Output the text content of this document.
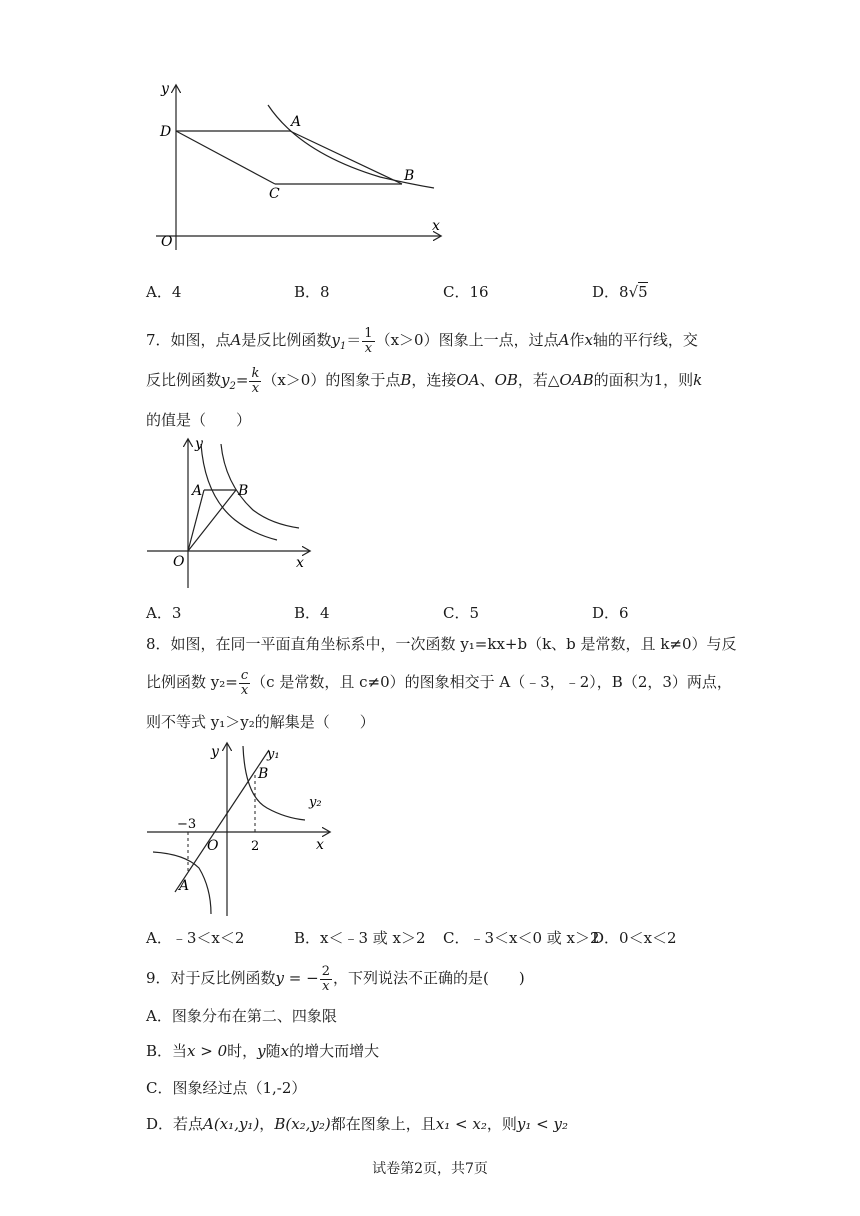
y
x
O
D
A
B
C
A．4	B．8	C．16	D．8√5
7．如图，点A是反比例函数$y_1= \frac{1}{x} (x>0)$图象上一点，过点A作x轴的平行线，交
反比例函数$y_2= \frac{k}{x} (x>0)$的图象于点B，连接OA、OB，若△OAB的面积为1，则k
的值是（　　）
y
x
O
A	B
A．3	B．4	C．5	D．6
8．如图，在同一平面直角坐标系中，一次函数 y₁=kx+b（k、b 是常数，且 k≠0）与反
比例函数 $y_2= \frac{c}{x} (c$ 是常数，且 c≠0）的图象相交于 A（﹣3，﹣2），B（2，3）两点，
则不等式 y₁＞y₂的解集是（　　）
y
x
O
A
B
y₁
y₂
−3
2
A．﹣3＜x＜2	B．x＜﹣3 或 x＞2 C．﹣3＜x＜0 或 x＞2
D．0＜x＜2
9．对于反比例函数y = − $\frac{2}{x}$ ，下列说法不正确的是(　　)
A．图象分布在第二、四象限
B．当x > 0时，y随x的增大而增大
C．图象经过点（1,-2）
D．若点A(x₁,y₁)，B(x₂,y₂)都在图象上，且x₁ < x₂，则y₁ < y₂
试卷第2页，共7页
